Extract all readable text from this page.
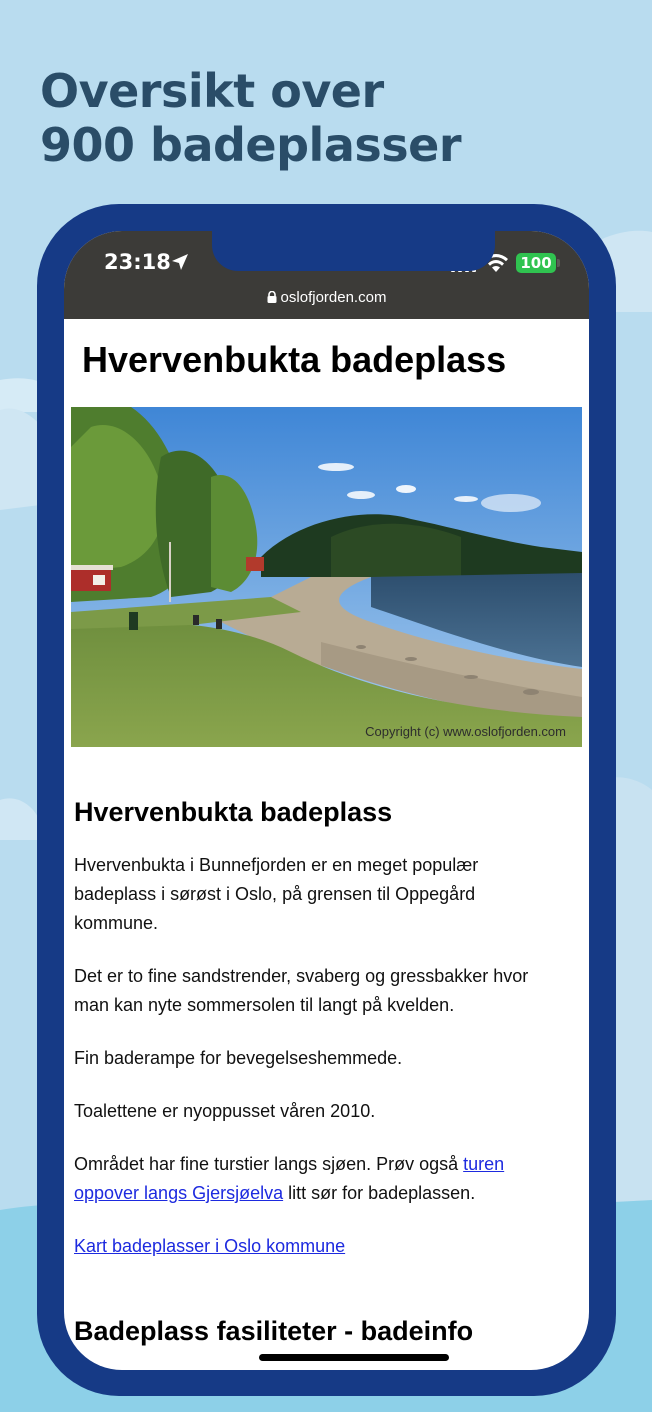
Oversikt over
900 badeplasser
23:18	100
oslofjorden.com
Hvervenbukta badeplass
Copyright (c) www.oslofjorden.com
Hvervenbukta badeplass

Hvervenbukta i Bunnefjorden er en meget populær badeplass i sørøst i Oslo, på grensen til Oppegård kommune.

Det er to fine sandstrender, svaberg og gressbakker hvor man kan nyte sommersolen til langt på kvelden.

Fin baderampe for bevegelseshemmede.

Toalettene er nyoppusset våren 2010.

Området har fine turstier langs sjøen. Prøv også turen oppover langs Gjersjøelva litt sør for badeplassen.

Kart badeplasser i Oslo kommune
Badeplass fasiliteter - badeinfo
